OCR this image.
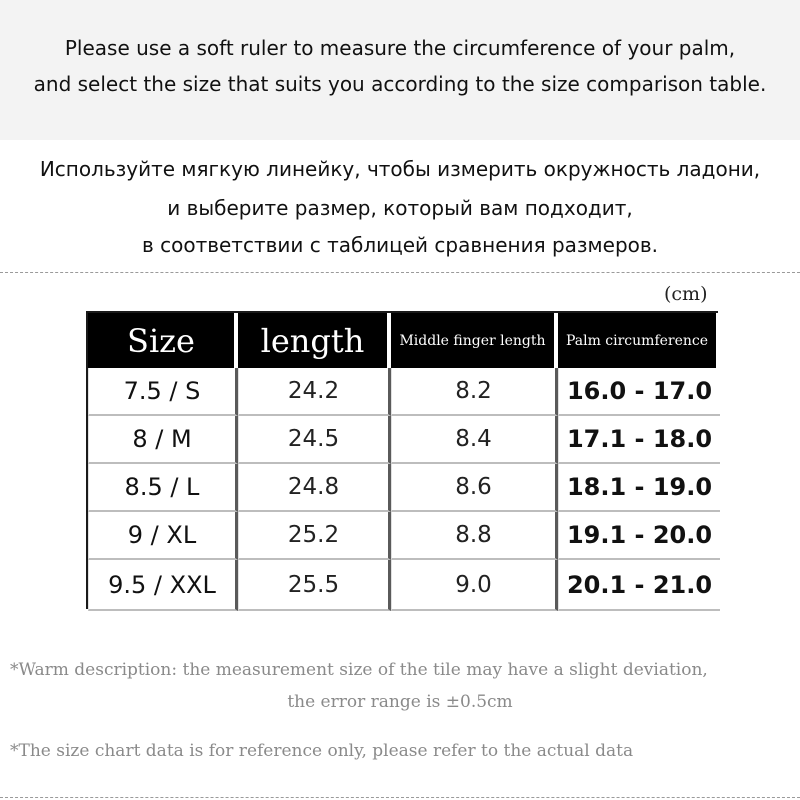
Please use a soft ruler to measure the circumference of your palm,
and select the size that suits you according to the size comparison table.
Используйте мягкую линейку, чтобы измерить окружность ладони,
и выберите размер, который вам подходит,
в соответствии с таблицей сравнения размеров.
(cm)
Size	length	Middle finger length	Palm circumference
7.5 / S	24.2	8.2	16.0 - 17.0
8 / M	24.5	8.4	17.1 - 18.0
8.5 / L	24.8	8.6	18.1 - 19.0
9 / XL	25.2	8.8	19.1 - 20.0
9.5 / XXL	25.5	9.0	20.1 - 21.0
*Warm description: the measurement size of the tile may have a slight deviation,
the error range is ±0.5cm
*The size chart data is for reference only, please refer to the actual data
